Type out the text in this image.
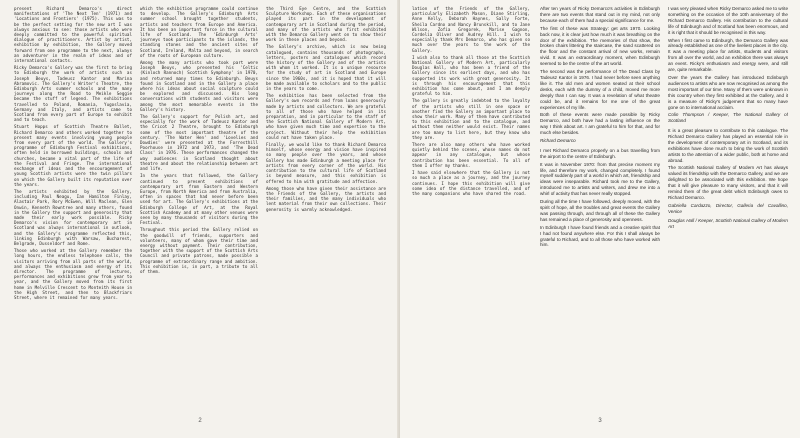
present Richard Demarco's direct manifestations of 'The Next Ten' (1971) and 'Locations and Frontiers' (1975). This was to be the perfect setting for the new art I was always anxious to see: those artists who were deeply committed to the powerful spiritual dialogue of practitioners. Artist by artist, exhibition by exhibition, the Gallery moved forward from one programme to the next, always an adventurer in the realm of ideas and of international contacts.

Ricky Demarco's Gallery was the first to bring to Edinburgh the work of artists such as Joseph Beuys, Tadeusz Kantor and Marina Abramovic. The Gallery's Writer's Theatre, the Edinburgh Arts summer schools and the many journeys along the Road to Meikle Seggie became the stuff of legend. The exhibitions travelled to Poland, Romania, Yugoslavia, Germany and Italy, and artists came to Scotland from every part of Europe to exhibit and to teach.

Stuart Hopps of Scottish Theatre Ballet, Richard Demarco and others worked together to present many events involving young people from every part of the world. The Gallery's programme of Edinburgh Festival exhibitions, often held in borrowed buildings, schools and churches, became a vital part of the life of the Festival and Fringe. The international exchange of ideas and the encouragement of young Scottish artists were the twin pillars on which the Gallery built its reputation over the years.

The artists exhibited by the Gallery, including Paul Neagu, Ian Hamilton Finlay, Alastair Park, Rory McEwen, Will Maclean, Glen Onwin, Kenneth Rowntree and many others, found in the Gallery the support and generosity that made their early work possible. Ricky Demarco's vision for contemporary art in Scotland was always international in outlook, and the Gallery's programme reflected this, linking Edinburgh with Warsaw, Bucharest, Belgrade, Dusseldorf and Rome.

Those who worked at the Gallery remember the long hours, the endless telephone calls, the visitors arriving from all parts of the world, and always the enthusiasm and energy of its director. The programme of lectures, performances and exhibitions grew from year to year, and the Gallery moved from its first home in Melville Crescent to Monteith House in the High Street, and then to Blackfriars Street, where it remained for many years.

which the exhibition programme could continue to develop. The Gallery's Edinburgh Arts summer school brought together students, artists and teachers from Europe and America. It has been an important force in the cultural life of Scotland. The 'Edinburgh Arts' journeys took participants to the islands, the standing stones and the ancient sites of Scotland, Ireland, Malta and beyond, in search of the roots of European culture.

Among the many artists who took part were Joseph Beuys, who presented his 'Celtic (Kinloch Rannoch) Scottish Symphony' in 1970, and returned many times to Edinburgh. Beuys found in Scotland and in the Gallery a place where his ideas about social sculpture could be explored and discussed. His long conversations with students and visitors were among the most memorable events in the Gallery's history.

The Gallery's support for Polish art, and especially for the work of Tadeusz Kantor and the Cricot 2 Theatre, brought to Edinburgh some of the most important theatre of the century. 'The Water Hen' and 'Lovelies and Dowdies' were presented at the Forresthill Poorhouse in 1972 and 1973, and 'The Dead Class' in 1976. These performances changed the way audiences in Scotland thought about theatre and about the relationship between art and life.

In the years that followed, the Gallery continued to present exhibitions of contemporary art from Eastern and Western Europe, from North America and from Australia, often in spaces that had never before been used for art. The Gallery's exhibitions at the Edinburgh College of Art, at the Royal Scottish Academy and at many other venues were seen by many thousands of visitors during the Festival.

Throughout this period the Gallery relied on the goodwill of friends, supporters and volunteers, many of whom gave their time and energy without payment. Their contribution, together with the support of the Scottish Arts Council and private patrons, made possible a programme of extraordinary range and ambition. This exhibition is, in part, a tribute to all of them.

the Third Eye Centre, and the Scottish Sculpture Workshop. Each of these organisations played its part in the development of contemporary art in Scotland during the period, and many of the artists who first exhibited with the Demarco Gallery went on to show their work in these places and beyond.

The Gallery's archive, which is now being catalogued, contains thousands of photographs, letters, posters and catalogues which record the history of the Gallery and of the artists with whom it worked. It is a unique resource for the study of art in Scotland and Europe since the 1960s, and it is hoped that it will be made available to scholars and to the public in the years to come.

The exhibition has been selected from the Gallery's own records and from loans generously made by artists and collectors. We are grateful to all of those who have helped in its preparation, and in particular to the staff of the Scottish National Gallery of Modern Art, who have given much time and expertise to the project. Without their help the exhibition could not have taken place.

Finally, we would like to thank Richard Demarco himself, whose energy and vision have inspired so many people over the years, and whose Gallery has made Edinburgh a meeting place for artists from every corner of the world. His contribution to the cultural life of Scotland is beyond measure, and this exhibition is offered to him with gratitude and affection.

Among those who have given their assistance are the Friends of the Gallery, the artists and their families, and the many individuals who lent material from their own collections. Their generosity is warmly acknowledged.

2

lation of the Friends of the Gallery, particularly Elizabeth Mason, Diane Stirling, Anne Kelly, Deborah Haynes, Sally Forte, Sheila Cardno and Nancy Brunskill, and to Jane Wilson, Zofia Gregorek, Marise Gagnon, Cordelia Oliver and Audrey Hill. I wish to especially thank Mrs Demarco, who has given so much over the years to the work of the Gallery.

I wish also to thank all those at the Scottish National Gallery of Modern Art, particularly Douglas Hall, who has been a friend of the Gallery since its earliest days, and who has supported its work with great generosity. It is through his encouragement that this exhibition has come about, and I am deeply grateful to him.

The gallery is greatly indebted to the loyalty of the artists who still in one space or another find the Gallery an important place to show their work. Many of them have contributed to this exhibition and to the catalogue, and without them neither would exist. Their names are too many to list here, but they know who they are.

There are also many others who have worked quietly behind the scenes, whose names do not appear in any catalogue, but whose contribution has been essential. To all of them I offer my thanks.

I have said elsewhere that the Gallery is not so much a place as a journey, and the journey continues. I hope this exhibition will give some idea of the distance travelled, and of the many companions who have shared the road.

After ten years of Ricky Demarco's activities in Edinburgh there are two events that stand out in my mind, not only because each of them had a special significance for me.

The first of these was Strategy: get arts 1970. Looking back now, it is clear just how much it was breathing on the door of the exhibition. The memories of that show, the broken chairs littering the staircase, the sand scattered on the floor and the constant arrival of new works, remain vivid. It was an extraordinary moment, when Edinburgh seemed to be the centre of the art world.

The second was the performance of The Dead Class by Tadeusz Kantor in 1976. I had never before seen anything like it. The old men and women seated at their school desks, each with the dummy of a child, moved me more deeply than I can say. It was a revelation of what theatre could be, and it remains for me one of the great experiences of my life.

Both of these events were made possible by Ricky Demarco, and both have had a lasting influence on the way I think about art. I am grateful to him for that, and for much else besides.

Richard Demarco

I met Richard Demarco properly on a bus travelling from the airport to the centre of Edinburgh.

It was in November 1970: from that precise moment my life, and therefore my work, changed completely. I found myself suddenly part of a world in which art, friendship and ideas were inseparable. Richard took me to the Gallery, introduced me to artists and writers, and drew me into a whirl of activity that has never really stopped.

During all the time I have followed, deeply moved, with the spirit of hope, all the troubles and great events the Gallery was passing through, and through all of these the Gallery has remained a place of generosity and openness.

In Edinburgh I have found friends and a creative spirit that I had not found anywhere else. For this I shall always be grateful to Richard, and to all those who have worked with him.

I was very pleased when Ricky Demarco asked me to write something on the occasion of the 10th anniversary of the Richard Demarco Gallery. His contribution to the cultural life of Edinburgh and of Scotland has been enormous, and it is right that it should be recognised in this way.

When I first came to Edinburgh, the Demarco Gallery was already established as one of the liveliest places in the city. It was a meeting place for artists, students and visitors from all over the world, and an exhibition there was always an event. Ricky's enthusiasm and energy were, and still are, quite remarkable.

Over the years the Gallery has introduced Edinburgh audiences to artists who are now recognised as among the most important of our time. Many of them were unknown in this country when they first exhibited at the Gallery, and it is a measure of Ricky's judgement that so many have gone on to international acclaim.

Colin Thompson / Keeper, The National Gallery of Scotland

It is a great pleasure to contribute to this catalogue. The Richard Demarco Gallery has played an essential role in the development of contemporary art in Scotland, and its exhibitions have done much to bring the work of Scottish artists to the attention of a wider public, both at home and abroad.

The Scottish National Gallery of Modern Art has always valued its friendship with the Demarco Gallery, and we are delighted to be associated with this exhibition. We hope that it will give pleasure to many visitors, and that it will remind them of the great debt which Edinburgh owes to Richard Demarco.

Gabriella Cardazzo, Director, Galleria del Cavallino, Venice
Douglas Hall / Keeper, Scottish National Gallery of Modern Art
3
